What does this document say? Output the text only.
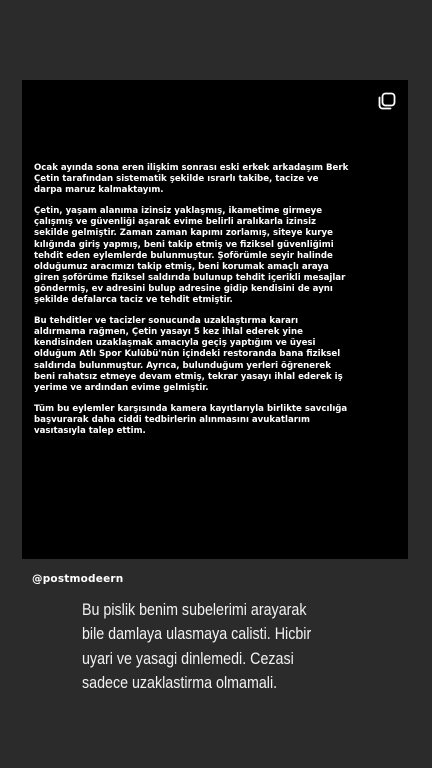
Ocak ayında sona eren ilişkim sonrası eski erkek arkadaşım Berk
Çetin tarafından sistematik şekilde ısrarlı takibe, tacize ve
darpa maruz kalmaktayım.

Çetin, yaşam alanıma izinsiz yaklaşmış, ikametime girmeye
çalışmış ve güvenliği aşarak evime belirli aralıkarla izinsiz
sekilde gelmiştir. Zaman zaman kapımı zorlamış, siteye kurye
kılığında giriş yapmış, beni takip etmiş ve fiziksel güvenliğimi
tehdit eden eylemlerde bulunmuştur. Şoförümle seyir halinde
olduğumuz aracımızı takip etmiş, beni korumak amaçlı araya
giren şoförüme fiziksel saldırıda bulunup tehdit içerikli mesajlar
göndermiş, ev adresini bulup adresine gidip kendisini de aynı
şekilde defalarca taciz ve tehdit etmiştir.

Bu tehditler ve tacizler sonucunda uzaklaştırma kararı
aldırmama rağmen, Çetin yasayı 5 kez ihlal ederek yine
kendisinden uzaklaşmak amacıyla geçiş yaptığım ve üyesi
olduğum Atlı Spor Kulübü'nün içindeki restoranda bana fiziksel
saldırıda bulunmuştur. Ayrıca, bulunduğum yerleri öğrenerek
beni rahatsız etmeye devam etmiş, tekrar yasayı ihlal ederek iş
yerime ve ardından evime gelmiştir.

Tüm bu eylemler karşısında kamera kayıtlarıyla birlikte savcılığa
başvurarak daha ciddi tedbirlerin alınmasını avukatlarım
vasıtasıyla talep ettim.

@postmodeern
Bu pislik benim subelerimi arayarak
bile damlaya ulasmaya calisti. Hicbir
uyari ve yasagi dinlemedi. Cezasi
sadece uzaklastirma olmamali.
